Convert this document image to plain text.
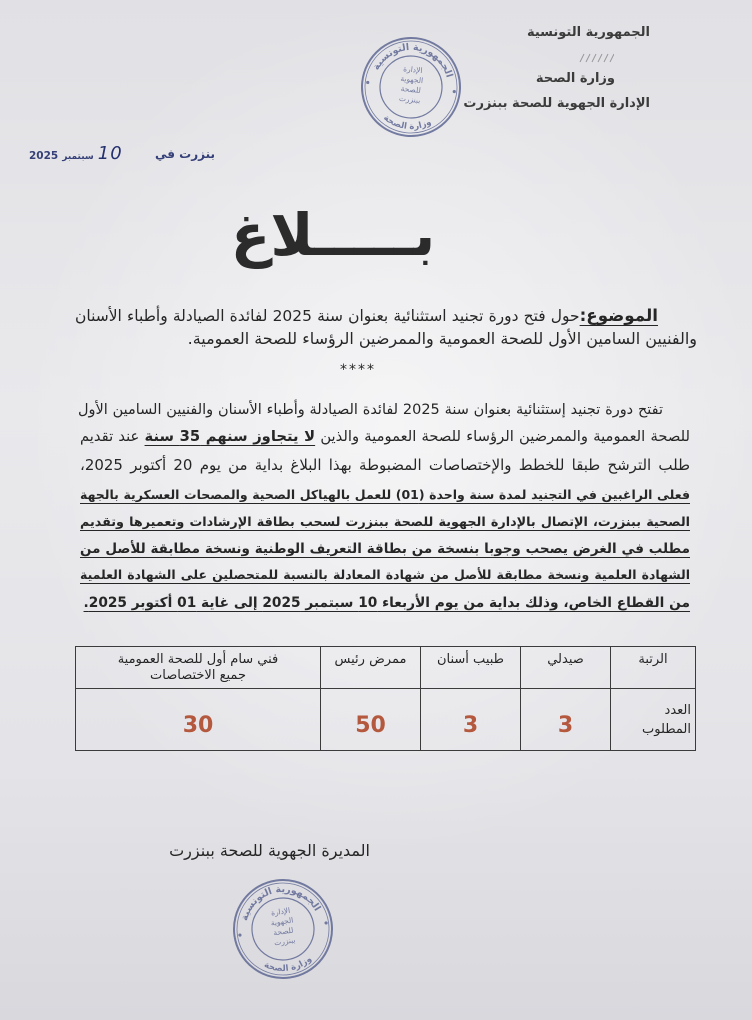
الجمهورية التونسية
وزارة الصحة
الإدارة الجهوية للصحة ببنزرت
الجمهورية التونسية
وزارة الصحة
الإدارة
الجهوية
للصحة
ببنزرت
بنزرت في
2025 سبتمبر 10
بـــــلاغ
الموضوع:حول فتح دورة تجنيد استثنائية بعنوان سنة 2025 لفائدة الصيادلة وأطباء الأسنان
والفنيين السامين الأول للصحة العمومية والممرضين الرؤساء للصحة العمومية.
****
تفتح دورة تجنيد إستثنائية بعنوان سنة 2025 لفائدة الصيادلة وأطباء الأسنان والفنيين السامين الأول
للصحة العمومية والممرضين الرؤساء للصحة العمومية والذين لا يتجاوز سنهم 35 سنة عند تقديم
طلب الترشح طبقا للخطط والإختصاصات المضبوطة بهذا البلاغ بداية من يوم 20 أكتوبر 2025،
فعلى الراغبين في التجنيد لمدة سنة واحدة (01) للعمل بالهياكل الصحية والمصحات العسكرية بالجهة
الصحية ببنزرت، الإتصال بالإدارة الجهوية للصحة ببنزرت لسحب بطاقة الإرشادات وتعميرها وتقديم
مطلب في الغرض يصحب وجوبا بنسخة من بطاقة التعريف الوطنية ونسخة مطابقة للأصل من
الشهادة العلمية ونسخة مطابقة للأصل من شهادة المعادلة بالنسبة للمتحصلين على الشهادة العلمية
من القطاع الخاص، وذلك بداية من يوم الأربعاء 10 سبتمبر 2025 إلى غاية 01 أكتوبر 2025.
الرتبة	صيدلي	طبيب أسنان	ممرض رئيس	فني سام أول للصحة العمومية
جميع الاختصاصات

العدد
المطلوب	3	3	50	30
المديرة الجهوية للصحة ببنزرت
الجمهورية التونسية
وزارة الصحة
الإدارة
الجهوية
للصحة
ببنزرت
